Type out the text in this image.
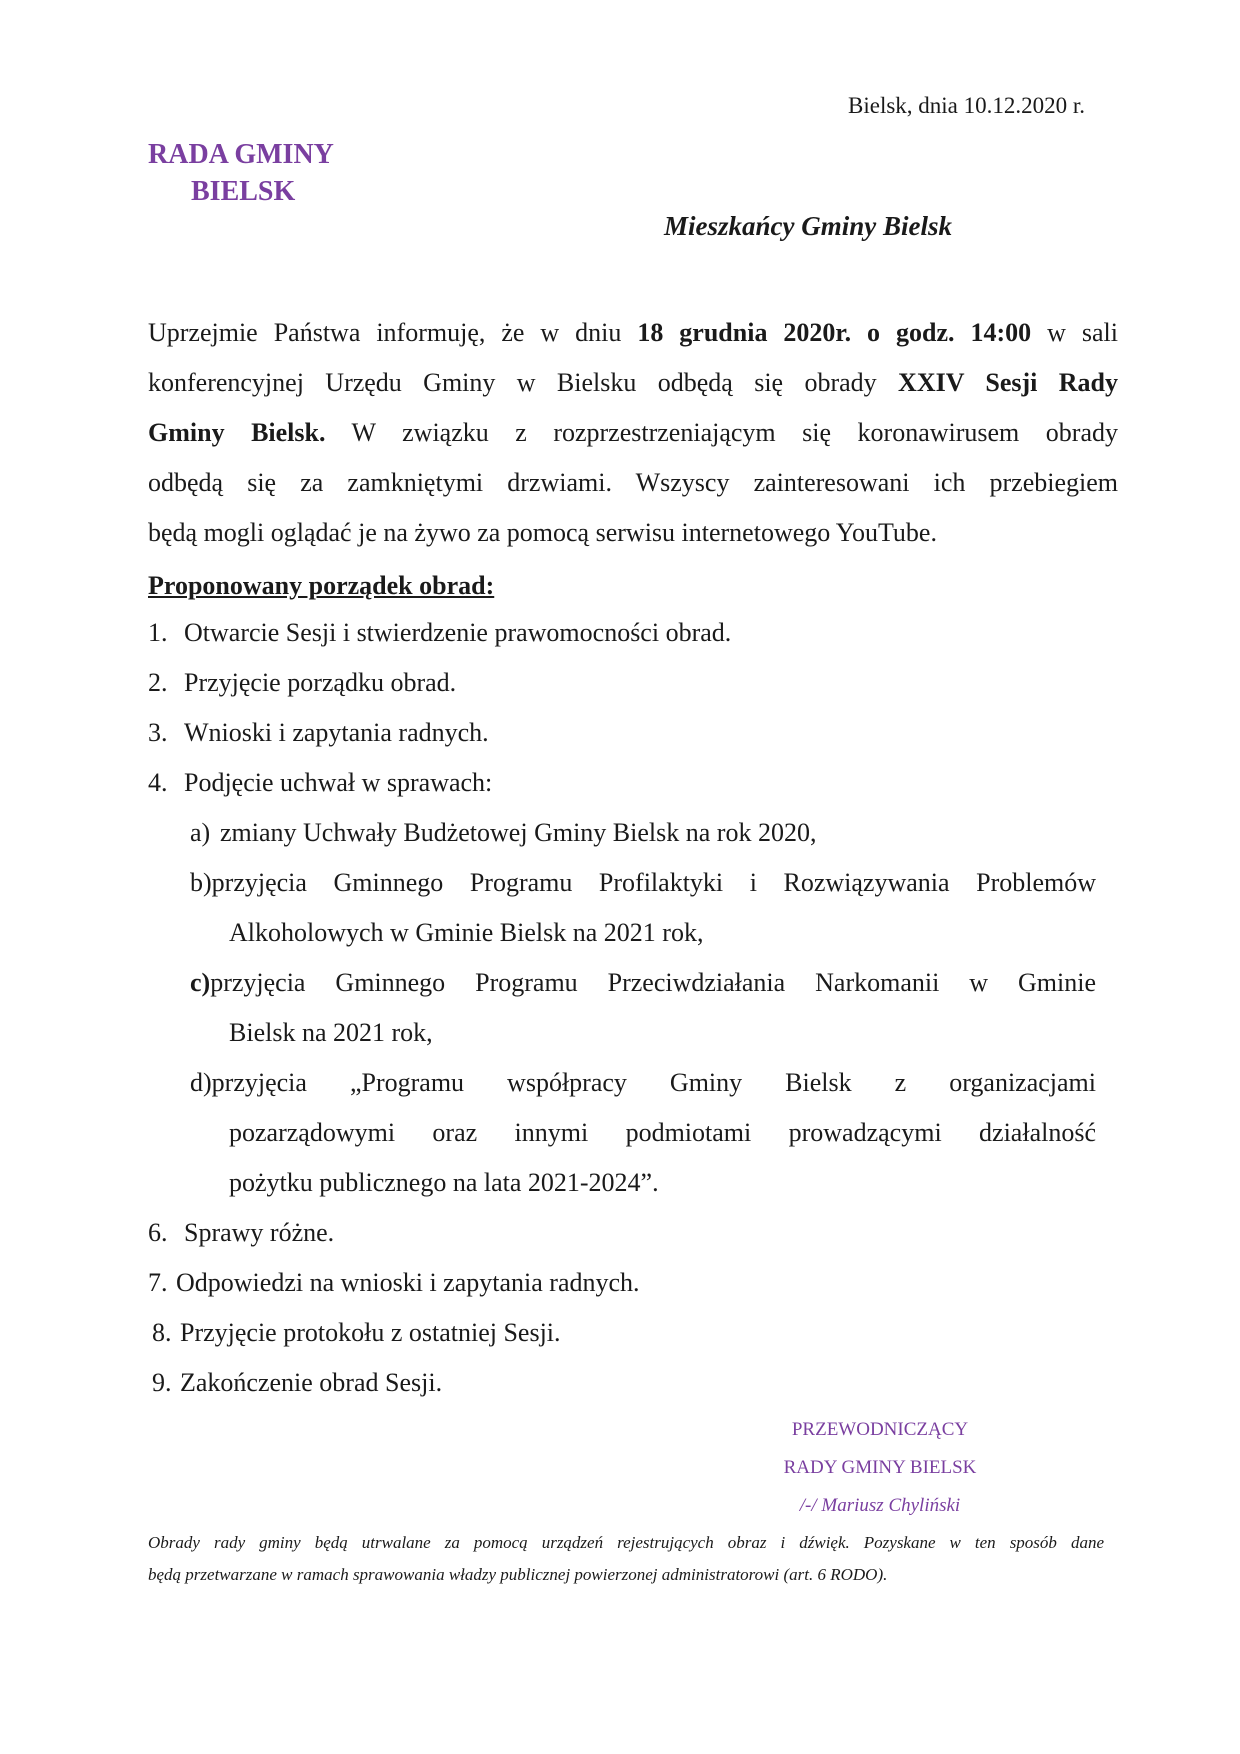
Bielsk, dnia 10.12.2020 r.
RADA GMINY
BIELSK
Mieszkańcy Gminy Bielsk
Uprzejmie Państwa informuję, że w dniu 18 grudnia 2020r. o godz. 14:00 w sali
konferencyjnej Urzędu Gminy w Bielsku odbędą się obrady XXIV Sesji Rady
Gminy Bielsk. W związku z rozprzestrzeniającym się koronawirusem obrady
odbędą się za zamkniętymi drzwiami. Wszyscy zainteresowani ich przebiegiem
będą mogli oglądać je na żywo za pomocą serwisu internetowego YouTube.
Proponowany porządek obrad:
1. Otwarcie Sesji i stwierdzenie prawomocności obrad.
2. Przyjęcie porządku obrad.
3. Wnioski i zapytania radnych.
4. Podjęcie uchwał w sprawach:
a) zmiany Uchwały Budżetowej Gminy Bielsk na rok 2020,
b)przyjęcia Gminnego Programu Profilaktyki i Rozwiązywania Problemów
Alkoholowych w Gminie Bielsk na 2021 rok,
c)przyjęcia Gminnego Programu Przeciwdziałania Narkomanii w Gminie
Bielsk na 2021 rok,
d)przyjęcia „Programu współpracy Gminy Bielsk z organizacjami
pozarządowymi oraz innymi podmiotami prowadzącymi działalność
pożytku publicznego na lata 2021-2024”.
6. Sprawy różne.
7. Odpowiedzi na wnioski i zapytania radnych.
8. Przyjęcie protokołu z ostatniej Sesji.
9. Zakończenie obrad Sesji.
PRZEWODNICZĄCY
RADY GMINY BIELSK
/-/ Mariusz Chyliński
Obrady rady gminy będą utrwalane za pomocą urządzeń rejestrujących obraz i dźwięk. Pozyskane w ten sposób dane
będą przetwarzane w ramach sprawowania władzy publicznej powierzonej administratorowi (art. 6 RODO).
